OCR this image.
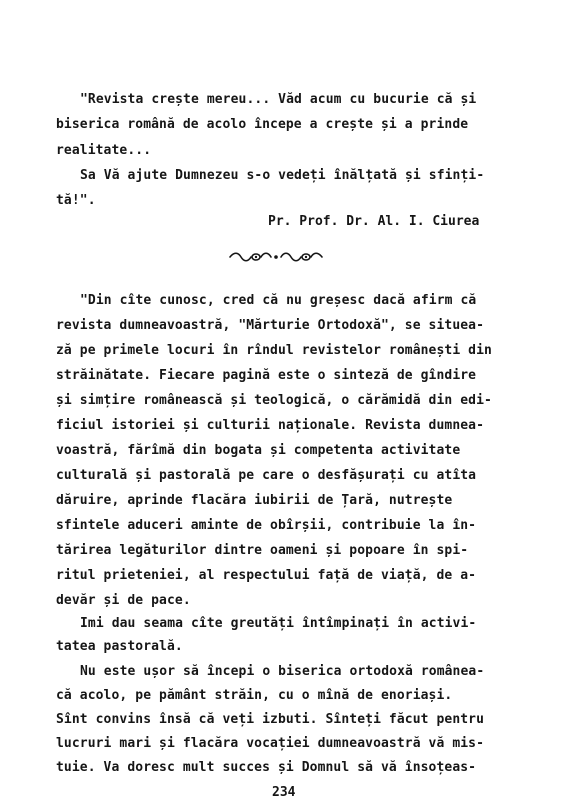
"Revista crește mereu... Văd acum cu bucurie că și
biserica română de acolo începe a crește și a prinde
realitate...
Sa Vă ajute Dumnezeu s-o vedeți înălțată și sfinți-
tă!".
Pr. Prof. Dr. Al. I. Ciurea
"Din cîte cunosc, cred că nu greșesc dacă afirm că
revista dumneavoastră, "Mărturie Ortodoxă", se situea-
ză pe primele locuri în rîndul revistelor românești din
străinătate. Fiecare pagină este o sinteză de gîndire
și simțire românească și teologică, o cărămidă din edi-
ficiul istoriei și culturii naționale. Revista dumnea-
voastră, fărîmă din bogata și competenta activitate
culturală și pastorală pe care o desfășurați cu atîta
dăruire, aprinde flacăra iubirii de Țară, nutrește
sfintele aduceri aminte de obîrșii, contribuie la în-
tărirea legăturilor dintre oameni și popoare în spi-
ritul prieteniei, al respectului față de viață, de a-
devăr și de pace.
Imi dau seama cîte greutăți întîmpinați în activi-
tatea pastorală.
Nu este ușor să începi o biserica ortodoxă românea-
că acolo, pe pământ străin, cu o mînă de enoriași.
Sînt convins însă că veți izbuti. Sînteți făcut pentru
lucruri mari și flacăra vocației dumneavoastră vă mis-
tuie. Va doresc mult succes și Domnul să vă însoțeas-
234
